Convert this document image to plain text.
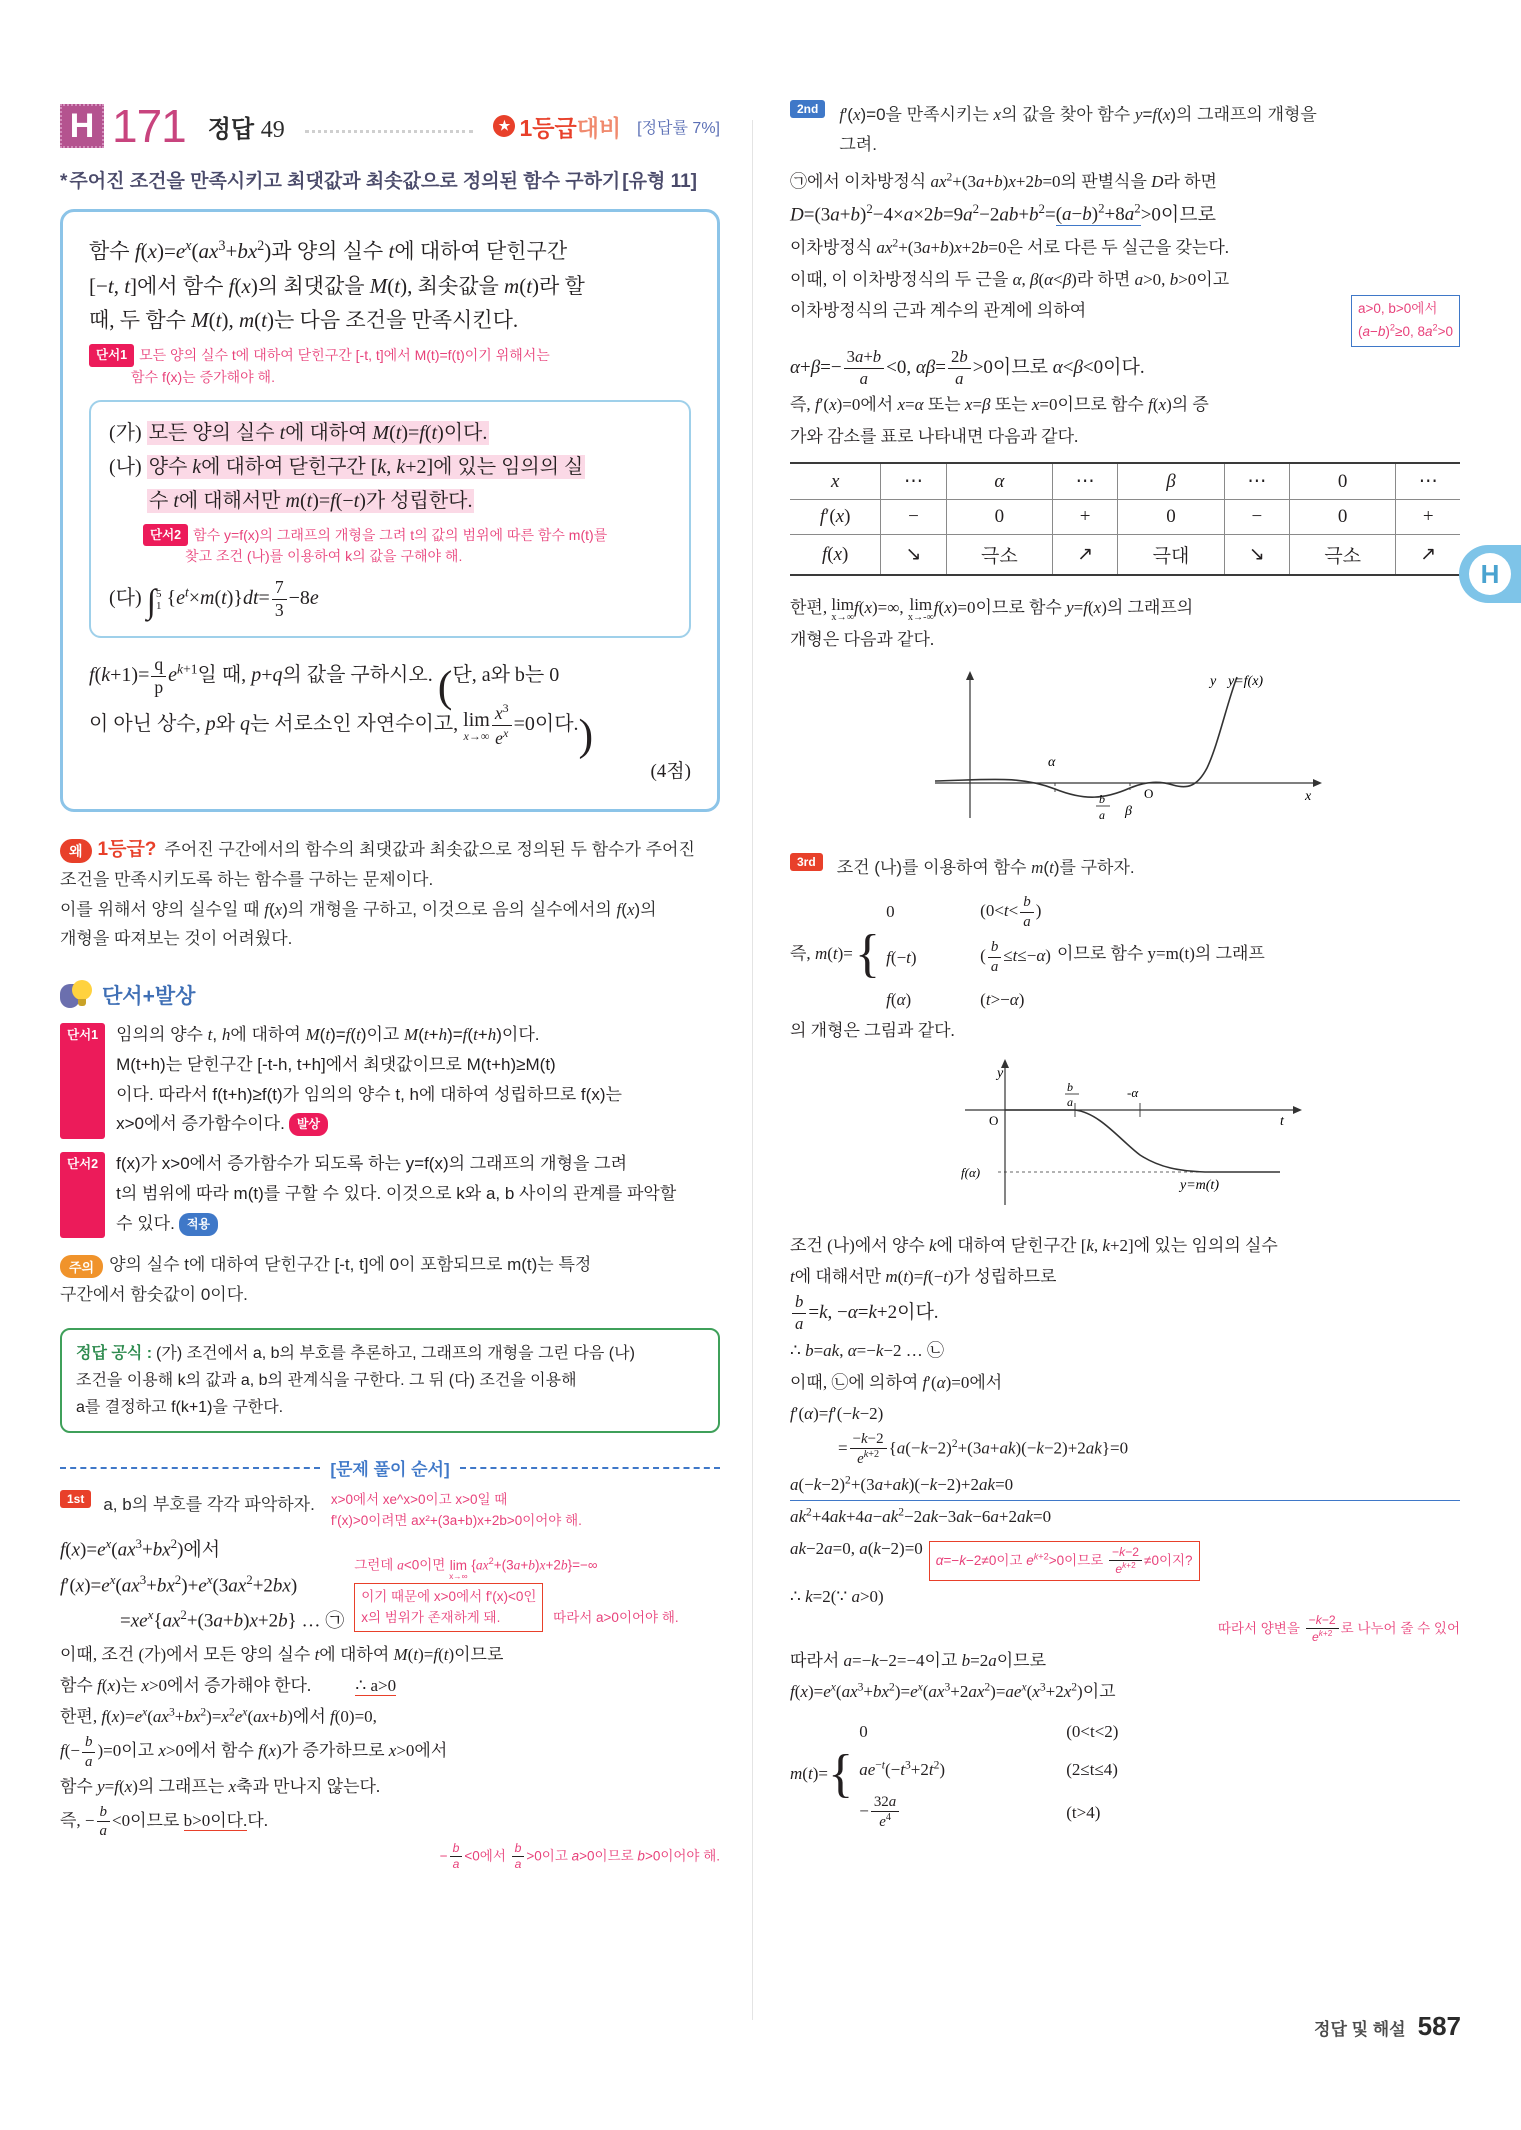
H 171 정답 49	★ 1등급 대비 [정답률 7%]
* 주어진 조건을 만족시키고 최댓값과 최솟값으로 정의된 함수 구하기 [유형 11]
함수 $f(x)=e^x(ax^3+bx^2)$과 양의 실수 t에 대하여 닫힌구간
[−t, t]에서 함수 f(x)의 최댓값을 M(t), 최솟값을 m(t)라 할
때, 두 함수 M(t), m(t)는 다음 조건을 만족시킨다.
단서1 모든 양의 실수 t에 대하여 닫힌구간 [-t, t]에서 M(t)=f(t)이기 위해서는
함수 f(x)는 증가해야 해.
(가) 모든 양의 실수 t에 대하여 M(t)=f(t)이다.
(나) 양수 k에 대하여 닫힌구간 [k, k+2]에 있는 임의의 실
수 t에 대해서만 m(t)=f(−t)가 성립한다.
단서2 함수 y=f(x)의 그래프의 개형을 그려 t의 값의 범위에 따른 함수 m(t)를
찾고 조건 (나)를 이용하여 k의 값을 구해야 해.
(다) ∫ 5
1 $\{e^t\times m(t)\}dt= \frac{7}{3} -8e$
$f(k+1)= \frac{q}{p} e^{k+1}$일 때, p+q의 값을 구하시오. (단, a와 b는 0
이 아닌 상수, p와 q는 서로소인 자연수이고, lim
$x\to\infty \frac{x^3}{e^x} =0$이다.)
(4점)
왜 1등급? 주어진 구간에서의 함수의 최댓값과 최솟값으로 정의된 두 함수가 주어진
조건을 만족시키도록 하는 함수를 구하는 문제이다.
이를 위해서 양의 실수일 때 f(x)의 개형을 구하고, 이것으로 음의 실수에서의 f(x)의
개형을 따져보는 것이 어려웠다.
단서+발상
단서1	임의의 양수 t, h에 대하여 M(t)=f(t)이고 M(t+h)=f(t+h)이다.
M(t+h)는 닫힌구간 [-t-h, t+h]에서 최댓값이므로 M(t+h)≥M(t)
이다. 따라서 f(t+h)≥f(t)가 임의의 양수 t, h에 대하여 성립하므로 f(x)는
x>0에서 증가함수이다. 발상
단서2	f(x)가 x>0에서 증가함수가 되도록 하는 y=f(x)의 그래프의 개형을 그려
t의 범위에 따라 m(t)를 구할 수 있다. 이것으로 k와 a, b 사이의 관계를 파악할
수 있다. 적용
주의 양의 실수 t에 대하여 닫힌구간 [-t, t]에 0이 포함되므로 m(t)는 특정
구간에서 함숫값이 0이다.
정답 공식 : (가) 조건에서 a, b의 부호를 추론하고, 그래프의 개형을 그린 다음 (나)
조건을 이용해 k의 값과 a, b의 관계식을 구한다. 그 뒤 (다) 조건을 이용해
a를 결정하고 f(k+1)을 구한다.
[문제 풀이 순서]
1st	a, b의 부호를 각각 파악하자. x>0에서 xe^x>0이고 x>0일 때
f'(x)>0이려면 ax²+(3a+b)x+2b>0이어야 해.
$f(x)=e^x(ax^3+bx^2)$에서
$f'(x)=e^x(ax^3+bx^2)+e^x(3ax^2+2bx)$
$=xe^x\{ax^2+(3a+b)x+2b\}$ … ㉠
그런데 a<0이면 lim
x→∞
$\{ax^2+(3a+b)x+2b\}=-\infty$
이기 때문에 x>0에서 f'(x)<0인
x의 범위가 존재하게 돼.	따라서 a>0이어야 해.
이때, 조건 (가)에서 모든 양의 실수 t에 대하여 M(t)=f(t)이므로
함수 f(x)는 x>0에서 증가해야 한다. ∴ a>0
한편, $f(x)=e^x(ax^3+bx^2)=x^2e^x(ax+b)$에서 f(0)=0,
$f(- \frac{b}{a} )=0$이고 x>0에서 함수 f(x)가 증가하므로 x>0에서
함수 y=f(x)의 그래프는 x축과 만나지 않는다.
즉, − $\frac{b}{a} <0$이므로 b>0이다.다.
− $\frac{b}{a} <0$에서 $\frac{b}{a} >0$이고 a>0이므로 b>0이어야 해.
2nd	f′(x)=0을 만족시키는 x의 값을 찾아 함수 y=f(x)의 그래프의 개형을
그려.
㉠에서 이차방정식 $ax^2+(3a+b)x+2b=0$의 판별식을 D라 하면
$D=(3a+b)^2-4\times a\times 2b=9a^2-2ab+b^2=(a-b)^2+8a^2>0$이므로
이차방정식 $ax^2+(3a+b)x+2b=0$은 서로 다른 두 실근을 갖는다.
이때, 이 이차방정식의 두 근을 α, β(α<β)라 하면 a>0, b>0이고
이차방정식의 근과 계수의 관계에 의하여	a>0, b>0에서
$(a-b)^2\ge 0$, $8a^2>0$
$\alpha+\beta=- \frac{3a+b}{a} <0$, $\alpha\beta= \frac{2b}{a} >0$이므로 α<β<0이다.
즉, f′(x)=0에서 x=α 또는 x=β 또는 x=0이므로 함수 f(x)의 증
가와 감소를 표로 나타내면 다음과 같다.
x	⋯	α	⋯	β	⋯	0	⋯
f′(x)	−	0	+	0	−	0	+
f(x)	↘	극소	↗	극대	↘	극소	↗
한편, lim
x→∞ f(x)=∞, lim
x→-∞ f(x)=0이므로 함수 y=f(x)의 그래프의
개형은 다음과 같다.
α
β
b
a
O	x
y y=f(x)
3rd	조건 (나)를 이용하여 함수 m(t)를 구하자.
즉, m(t)= {
0	($0<t< \frac{b}{a}$ )
f(−t)	( $\frac{b}{a} \le t\le-\alpha$)
f(α)	(t>−α)
이므로 함수 y=m(t)의 그래프
의 개형은 그림과 같다.
y
O
b
a
-α
f(α)
t
y=m(t)
조건 (나)에서 양수 k에 대하여 닫힌구간 [k, k+2]에 있는 임의의 실수
t에 대해서만 m(t)=f(−t)가 성립하므로
$\frac{b}{a} =k$, −α=k+2이다.
∴ b=ak, α=−k−2 … ㉡
이때, ㉡에 의하여 f′(α)=0에서
f′(α)=f′(−k−2)
= $\frac{-k-2}{e^{k+2}} \{a(-k-2)^2+(3a+ak)(-k-2)+2ak\}=0$
$a(-k-2)^2+(3a+ak)(-k-2)+2ak=0$
$ak^2+4ak+4a-ak^2-2ak-3ak-6a+2ak=0$
ak−2a=0, a(k−2)=0
α=−k−2≠0이고 $e^{k+2}>0$이므로 $\frac{-k-2}{e^{k+2}} \ne 0$이지?
∴ k=2(∵ a>0)
따라서 양변을 $\frac{-k-2}{e^{k+2}}$ 로 나누어 줄 수 있어
따라서 a=−k−2=−4이고 b=2a이므로
$f(x)=e^x(ax^3+bx^2)=e^x(ax^3+2ax^2)=ae^x(x^3+2x^2)$이고
m(t)= {
0	(0<t<2)
$ae^{-t}(-t^3+2t^2)$	(2≤t≤4)
− $\frac{32a}{e^4}$	(t>4)
H
정답 및 해설 587
